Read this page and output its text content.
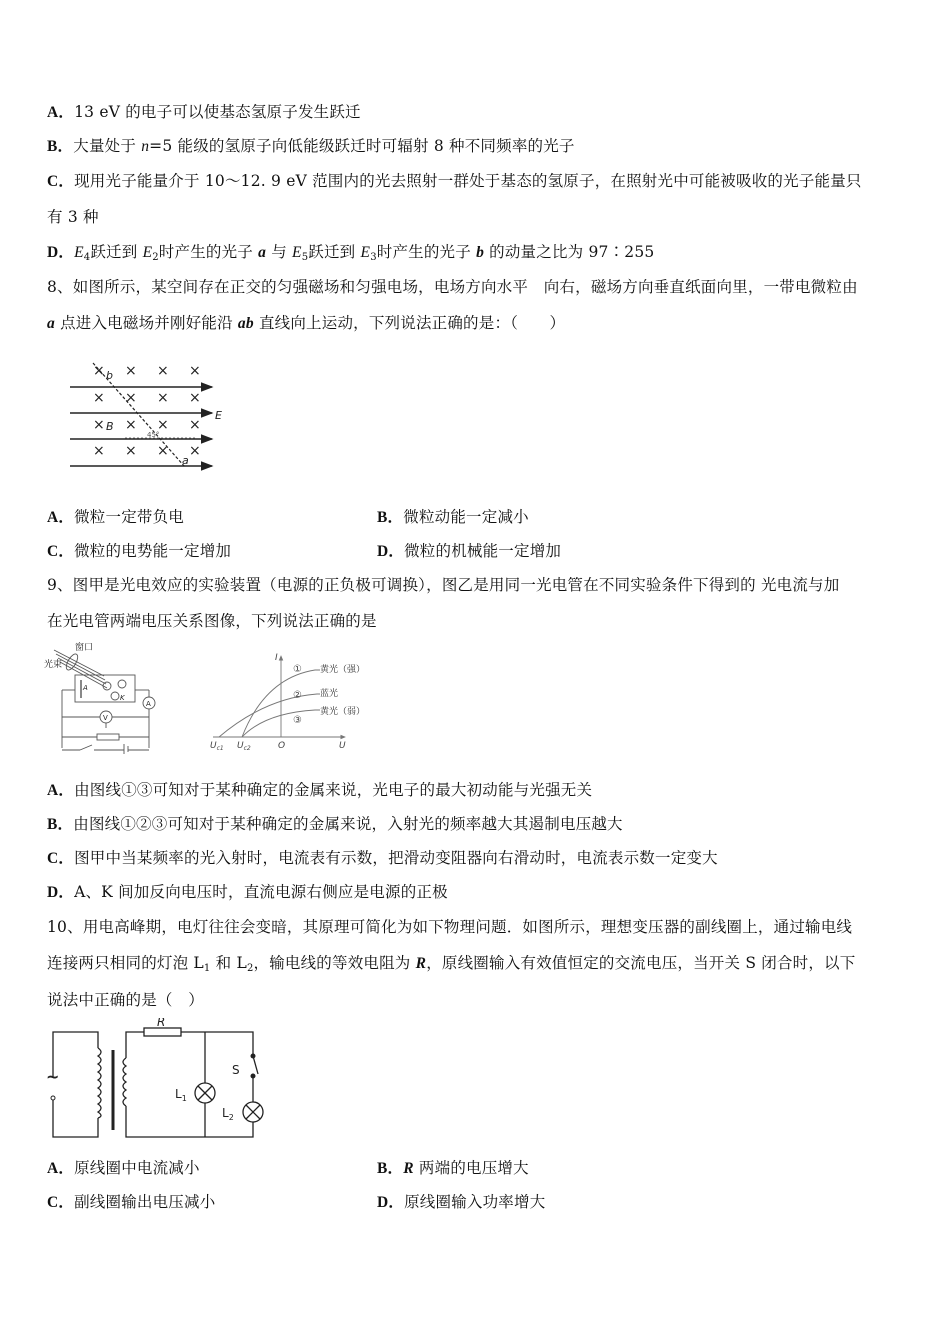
A．13 eV 的电子可以使基态氢原子发生跃迁
B．大量处于 n=5 能级的氢原子向低能级跃迁时可辐射 8 种不同频率的光子
C．现用光子能量介于 10～12. 9 eV 范围内的光去照射一群处于基态的氢原子，在照射光中可能被吸收的光子能量只
有 3 种
D．$E_4$跃迁到 $E_2$时产生的光子 a 与 $E_5$跃迁到 $E_3$时产生的光子 b 的动量之比为 97∶255
8、如图所示，某空间存在正交的匀强磁场和匀强电场，电场方向水平　向右，磁场方向垂直纸面向里，一带电微粒由
a 点进入电磁场并刚好能沿 ab 直线向上运动，下列说法正确的是：（　　）
× × × ×
× × × ×
× × × ×
× × × ×
b
B
E
a
45°
A．微粒一定带负电	B．微粒动能一定减小
C．微粒的电势能一定增加	D．微粒的机械能一定增加
9、图甲是光电效应的实验装置（电源的正负极可调换），图乙是用同一光电管在不同实验条件下得到的 光电流与加
在光电管两端电压关系图像，下列说法正确的是
窗口
光束
A
K
A
V
I
U
O
$U_{c1}$ $U_{c2}$
① 黄光（强）
② 蓝光
③
黄光（弱）
A．由图线①③可知对于某种确定的金属来说，光电子的最大初动能与光强无关
B．由图线①②③可知对于某种确定的金属来说，入射光的频率越大其遏制电压越大
C．图甲中当某频率的光入射时，电流表有示数，把滑动变阻器向右滑动时，电流表示数一定变大
D．A、K 间加反向电压时，直流电源右侧应是电源的正极
10、用电高峰期，电灯往往会变暗，其原理可简化为如下物理问题．如图所示，理想变压器的副线圈上，通过输电线
连接两只相同的灯泡 $L_1$ 和 $L_2$，输电线的等效电阻为 R，原线圈输入有效值恒定的交流电压，当开关 S 闭合时，以下
说法中正确的是（　）
~
R
S
$L_1$
$L_2$
A．原线圈中电流减小	B．R 两端的电压增大
C．副线圈输出电压减小	D．原线圈输入功率增大
